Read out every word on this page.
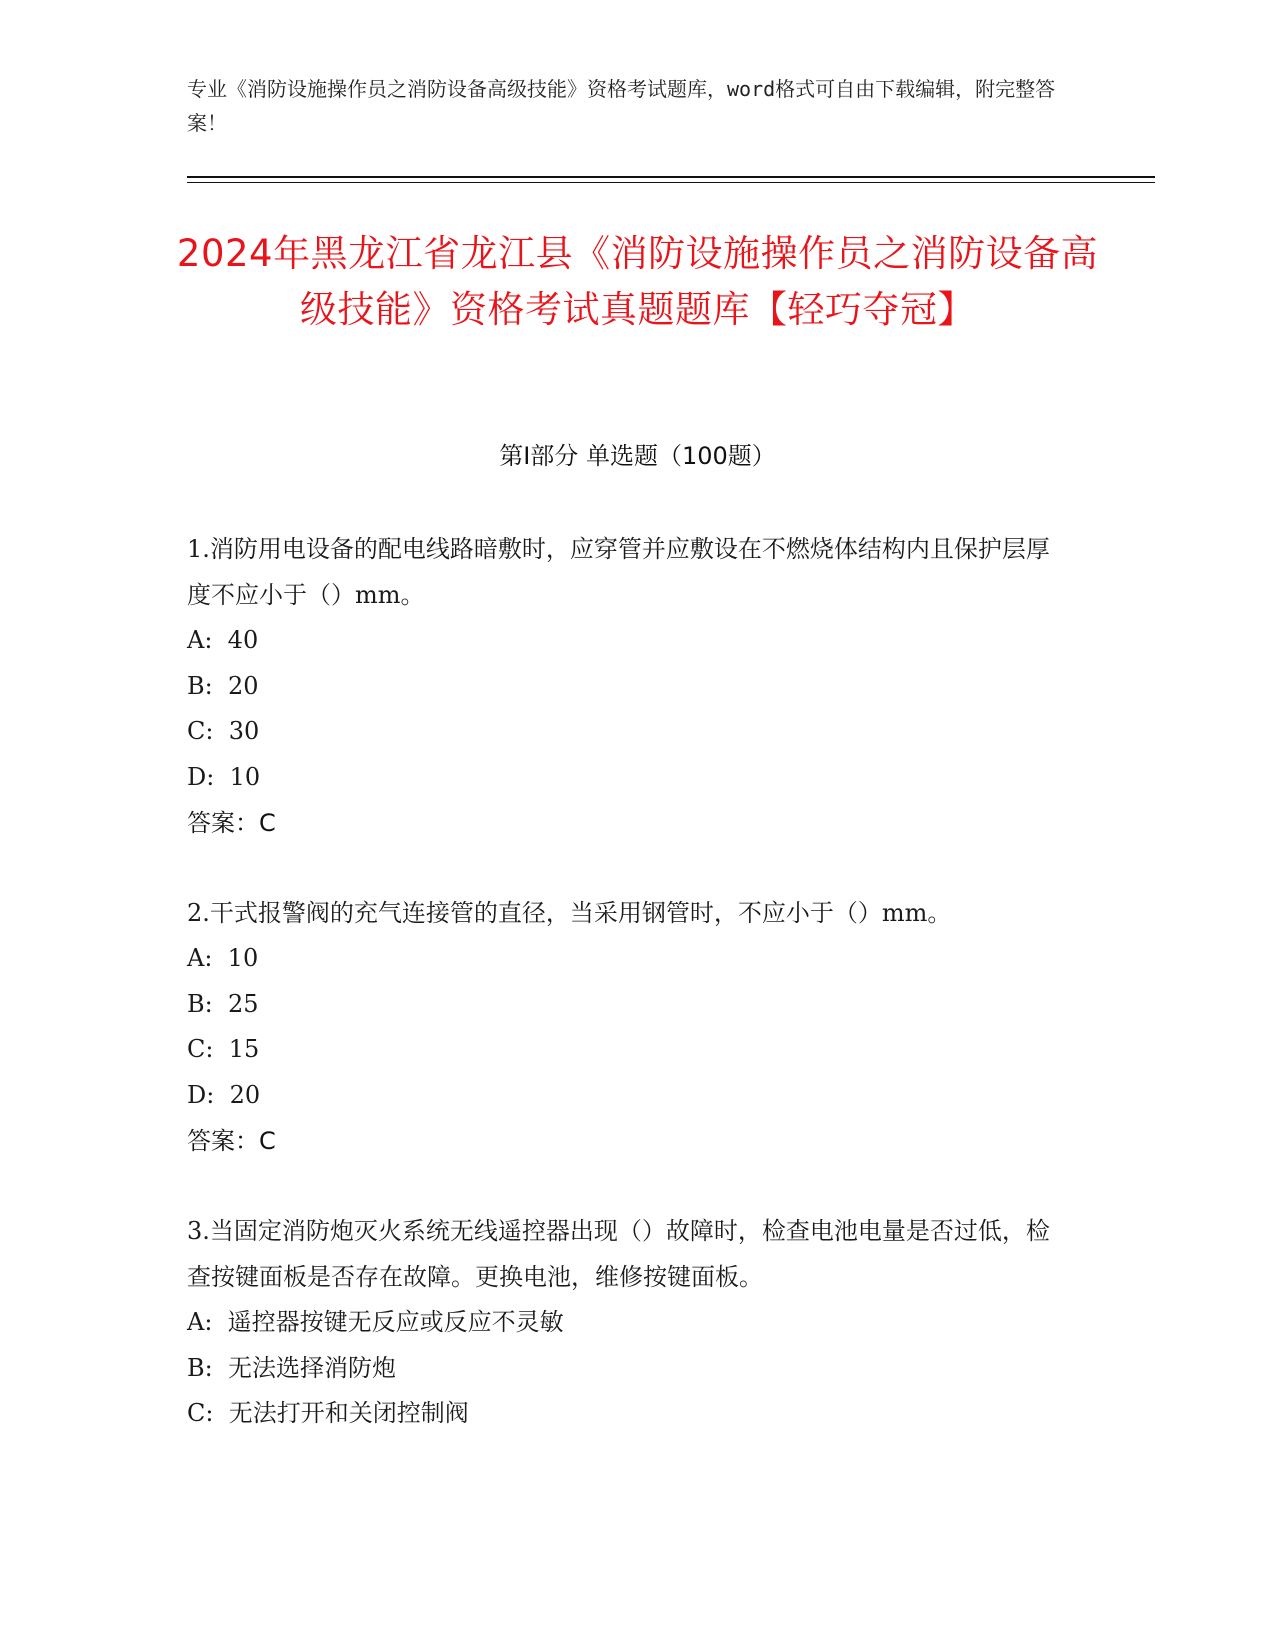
专业《消防设施操作员之消防设备高级技能》资格考试题库，word格式可自由下载编辑，附完整答案！
2024年黑龙江省龙江县《消防设施操作员之消防设备高级技能》资格考试真题题库【轻巧夺冠】
第Ⅰ部分 单选题（100题）

1.消防用电设备的配电线路暗敷时，应穿管并应敷设在不燃烧体结构内且保护层厚度不应小于（）mm。

A:  40
B:  20
C:  30
D:  10
答案：C

2.干式报警阀的充气连接管的直径，当采用钢管时，不应小于（）mm。

A:  10
B:  25
C:  15
D:  20
答案：C

3.当固定消防炮灭火系统无线遥控器出现（）故障时，检查电池电量是否过低，检查按键面板是否存在故障。更换电池，维修按键面板。

A:  遥控器按键无反应或反应不灵敏
B:  无法选择消防炮
C:  无法打开和关闭控制阀
